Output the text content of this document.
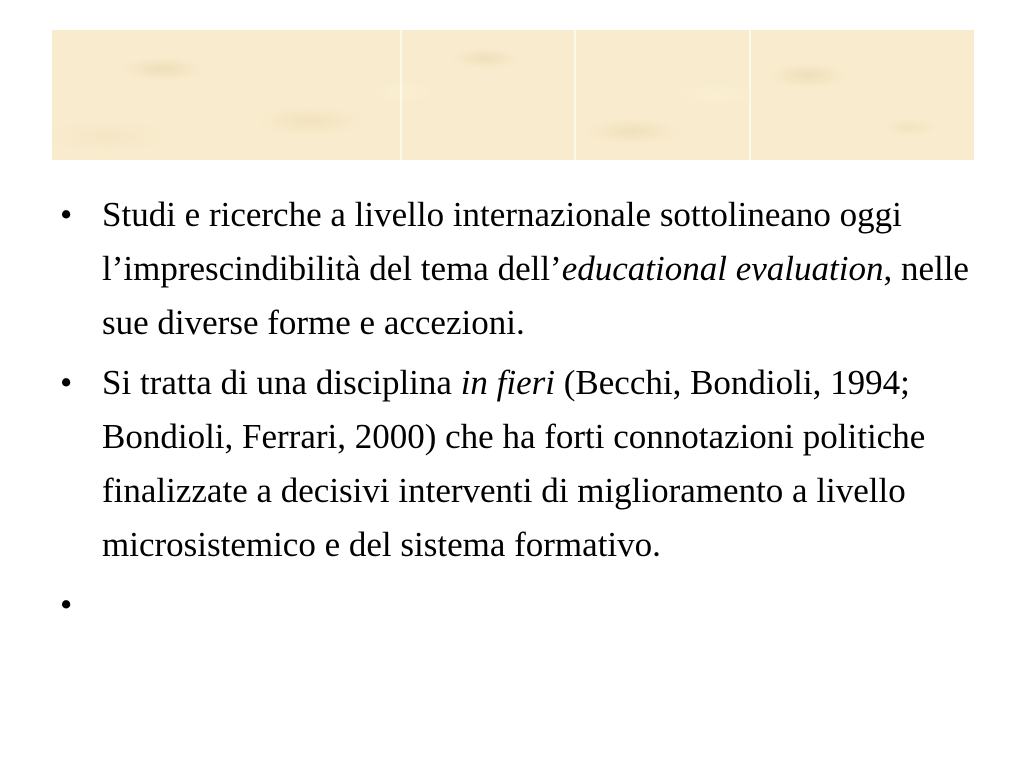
• Studi e ricerche a livello internazionale sottolineano oggi l’imprescindibilità del tema dell’educational evaluation, nelle sue diverse forme e accezioni.
• Si tratta di una disciplina in fieri (Becchi, Bondioli, 1994; Bondioli, Ferrari, 2000) che ha forti connotazioni politiche finalizzate a decisivi interventi di miglioramento a livello microsistemico e del sistema formativo.
•
